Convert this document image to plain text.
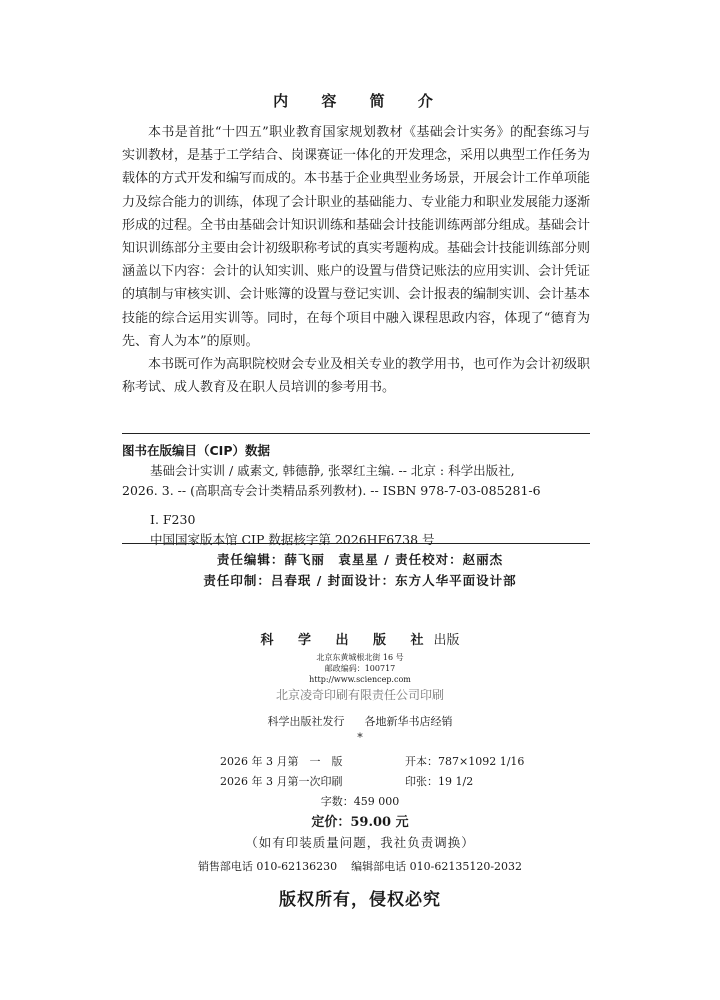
内 容 简 介

本书是首批“十四五”职业教育国家规划教材《基础会计实务》的配套练习与实训教材，是基于工学结合、岗课赛证一体化的开发理念，采用以典型工作任务为载体的方式开发和编写而成的。本书基于企业典型业务场景，开展会计工作单项能力及综合能力的训练，体现了会计职业的基础能力、专业能力和职业发展能力逐渐形成的过程。全书由基础会计知识训练和基础会计技能训练两部分组成。基础会计知识训练部分主要由会计初级职称考试的真实考题构成。基础会计技能训练部分则涵盖以下内容：会计的认知实训、账户的设置与借贷记账法的应用实训、会计凭证的填制与审核实训、会计账簿的设置与登记实训、会计报表的编制实训、会计基本技能的综合运用实训等。同时，在每个项目中融入课程思政内容，体现了“德育为先、育人为本”的原则。

本书既可作为高职院校财会专业及相关专业的教学用书，也可作为会计初级职称考试、成人教育及在职人员培训的参考用书。

图书在版编目（CIP）数据
基础会计实训 / 戚素文, 韩德静, 张翠红主编. -- 北京 : 科学出版社,
2026. 3. -- (高职高专会计类精品系列教材). -- ISBN 978-7-03-085281-6
Ⅰ. F230
中国国家版本馆 CIP 数据核字第 2026HF6738 号
责任编辑：薛飞丽　袁星星 / 责任校对：赵丽杰
责任印制：吕春珉 / 封面设计：东方人华平面设计部
科 学 出 版 社出版
北京东黄城根北街 16 号
邮政编码：100717
http://www.sciencep.com
北京凌奇印刷有限责任公司印刷
科学出版社发行 各地新华书店经销
*
2026 年 3 月第　一　版	开本：787×1092 1/16
2026 年 3 月第一次印刷	印张：19 1/2
字数：459 000
定价：59.00 元
（如有印装质量问题，我社负责调换）
销售部电话 010-62136230 编辑部电话 010-62135120-2032
版权所有，侵权必究
